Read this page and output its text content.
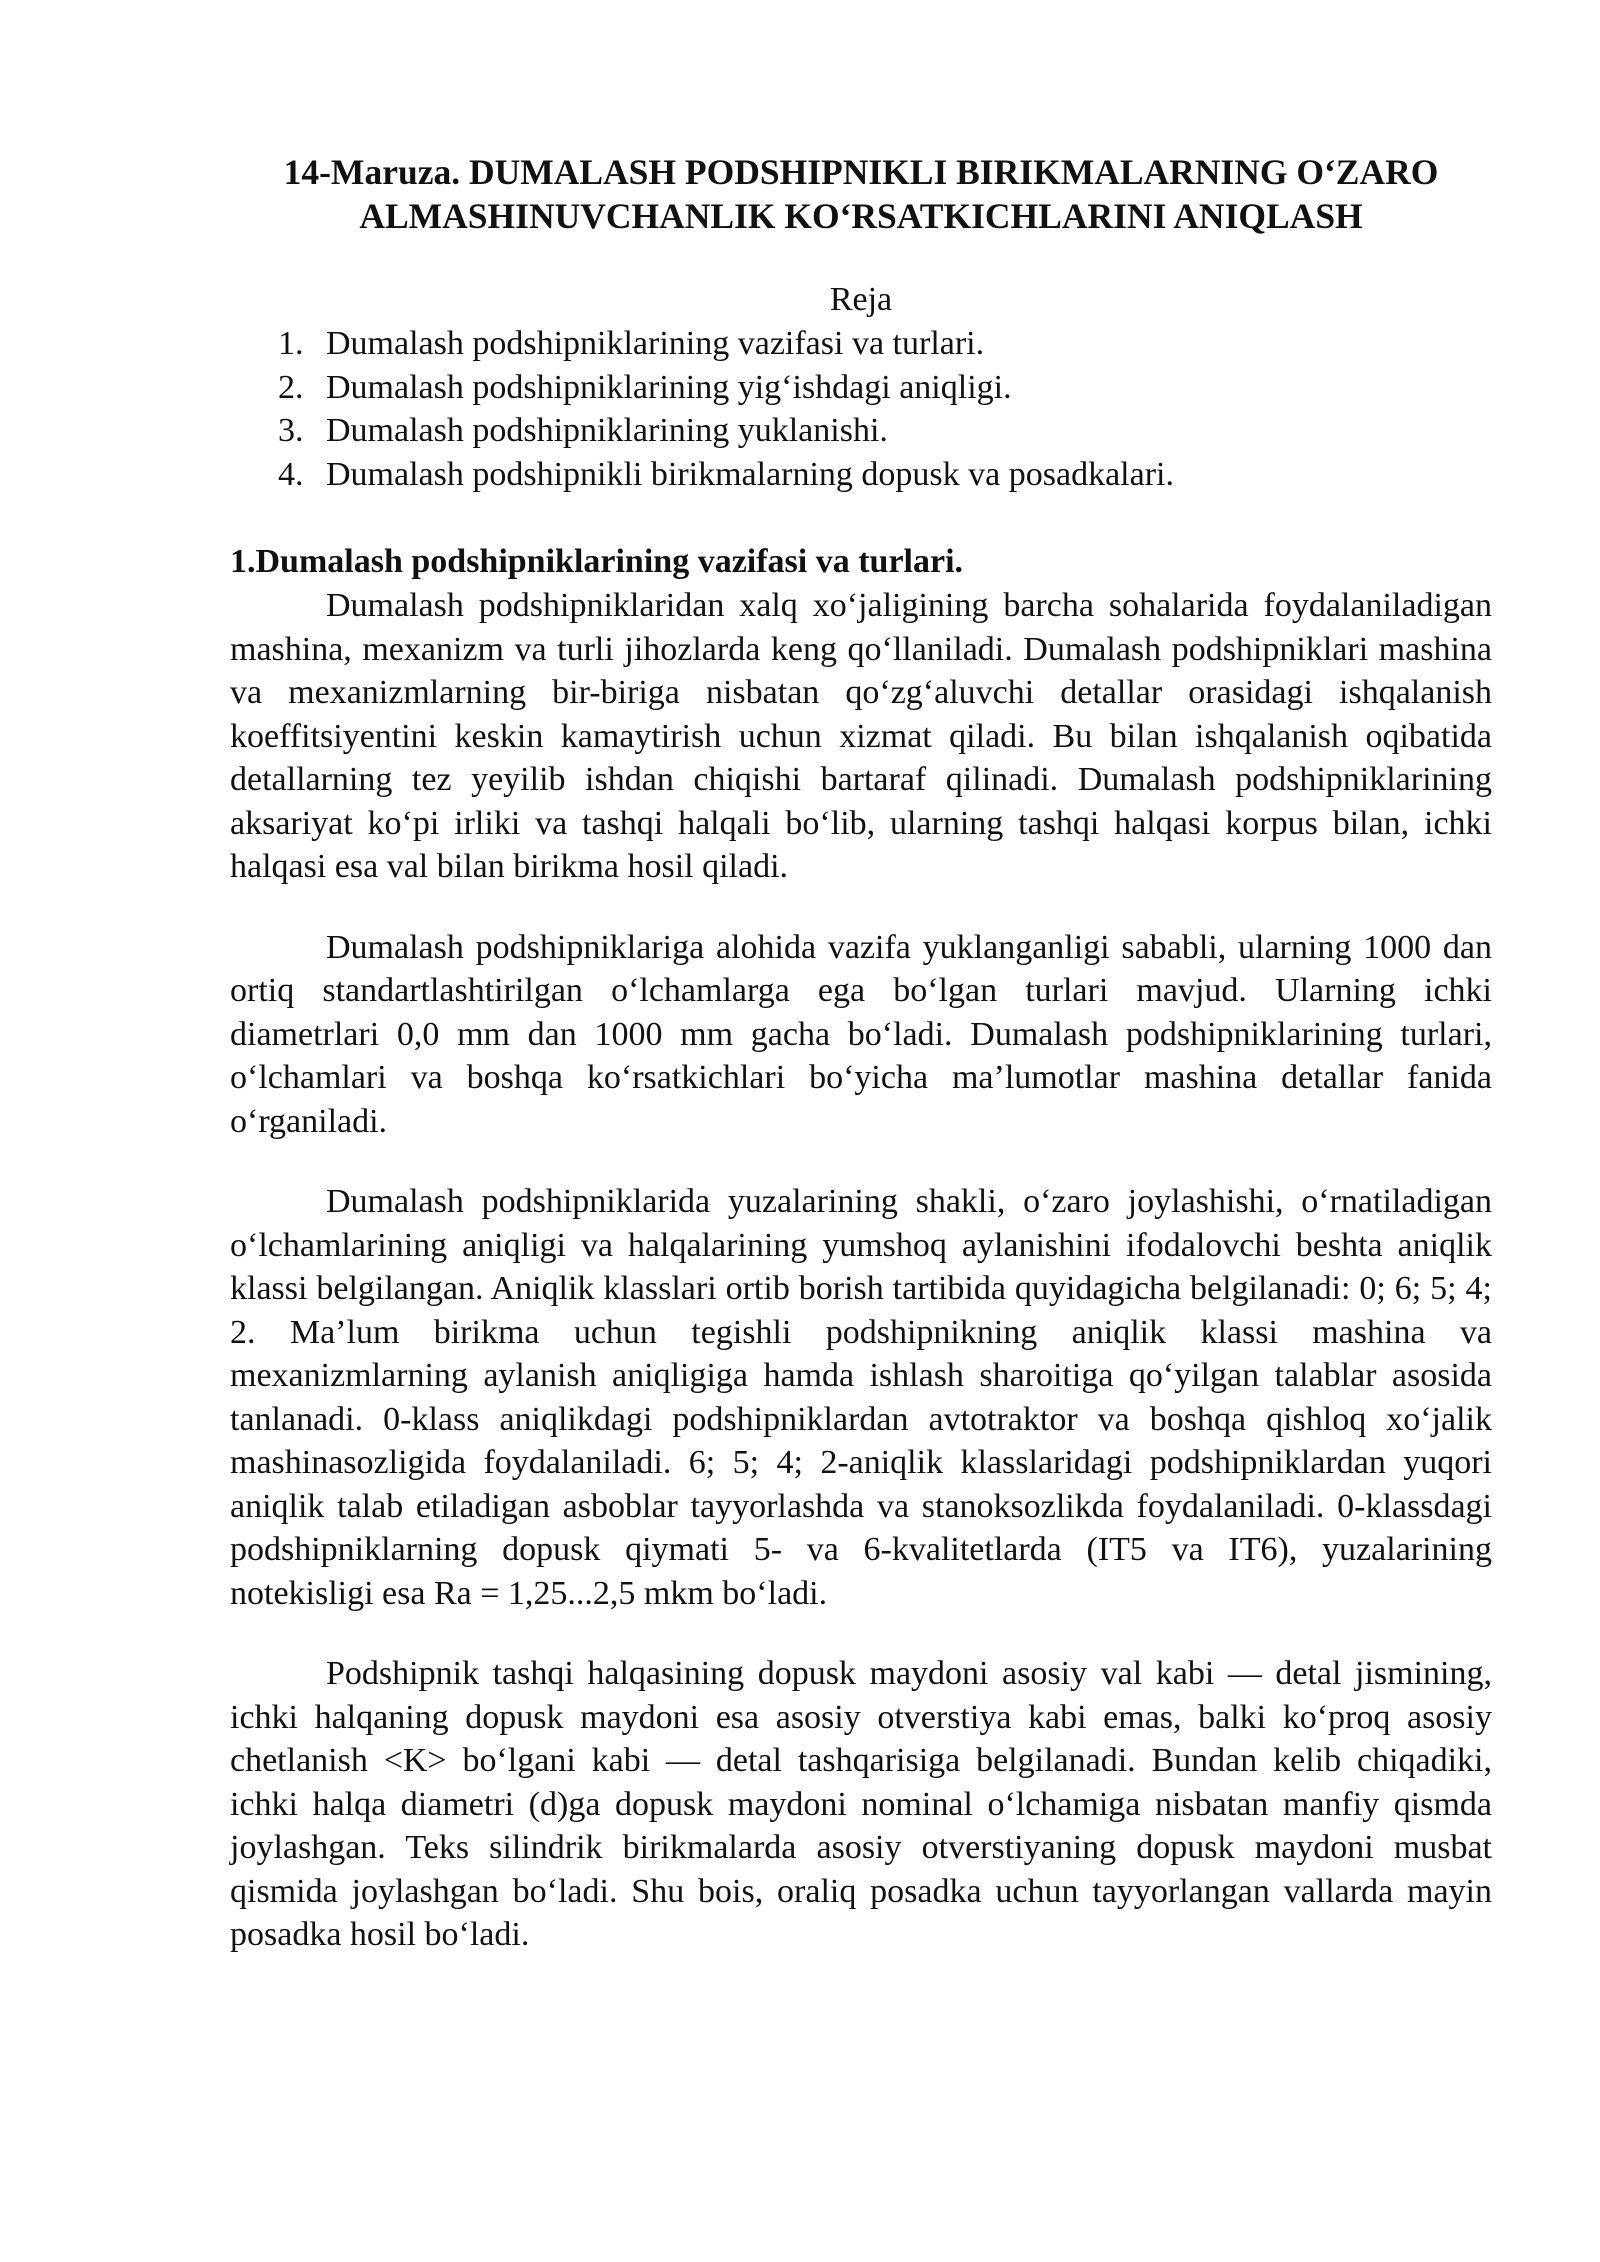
14-Maruza. DUMALASH PODSHIPNIKLI BIRIKMALARNING O‘ZARO
ALMASHINUVCHANLIK KO‘RSATKICHLARINI ANIQLASH
Reja
1. Dumalash podshipniklarining vazifasi va turlari.
2. Dumalash podshipniklarining yig‘ishdagi aniqligi.
3. Dumalash podshipniklarining yuklanishi.
4. Dumalash podshipnikli birikmalarning dopusk va posadkalari.
1.Dumalash podshipniklarining vazifasi va turlari.

Dumalash podshipniklaridan xalq xo‘jaligining barcha sohalarida foydalaniladigan mashina, mexanizm va turli jihozlarda keng qo‘llaniladi. Dumalash podshipniklari mashina va mexanizmlarning bir-biriga nisbatan qo‘zg‘aluvchi detallar orasidagi ishqalanish koeffitsiyentini keskin kamaytirish uchun xizmat qiladi. Bu bilan ishqalanish oqibatida detallarning tez yeyilib ishdan chiqishi bartaraf qilinadi. Dumalash podshipniklarining aksariyat ko‘pi irliki va tashqi halqali bo‘lib, ularning tashqi halqasi korpus bilan, ichki halqasi esa val bilan birikma hosil qiladi.

Dumalash podshipniklariga alohida vazifa yuklanganligi sababli, ularning 1000 dan ortiq standartlashtirilgan o‘lchamlarga ega bo‘lgan turlari mavjud. Ularning ichki diametrlari 0,0 mm dan 1000 mm gacha bo‘ladi. Dumalash podshipniklarining turlari, o‘lchamlari va boshqa ko‘rsatkichlari bo‘yicha ma’lumotlar mashina detallar fanida o‘rganiladi.

Dumalash podshipniklarida yuzalarining shakli, o‘zaro joylashishi, o‘rnatiladigan o‘lchamlarining aniqligi va halqalarining yumshoq aylanishini ifodalovchi beshta aniqlik klassi belgilangan. Aniqlik klasslari ortib borish tartibida quyidagicha belgilanadi: 0; 6; 5; 4; 2. Ma’lum birikma uchun tegishli podshipnikning aniqlik klassi mashina va mexanizmlarning aylanish aniqligiga hamda ishlash sharoitiga qo‘yilgan talablar asosida tanlanadi. 0-klass aniqlikdagi podshipniklardan avtotraktor va boshqa qishloq xo‘jalik mashinasozligida foydalaniladi. 6; 5; 4; 2-aniqlik klasslaridagi podshipniklardan yuqori aniqlik talab etiladigan asboblar tayyorlashda va stanoksozlikda foydalaniladi. 0-klassdagi podshipniklarning dopusk qiymati 5- va 6-kvalitetlarda (IT5 va IT6), yuzalarining notekisligi esa Ra = 1,25...2,5 mkm bo‘ladi.

Podshipnik tashqi halqasining dopusk maydoni asosiy val kabi — detal jismining, ichki halqaning dopusk maydoni esa asosiy otverstiya kabi emas, balki ko‘proq asosiy chetlanish <K> bo‘lgani kabi — detal tashqarisiga belgilanadi. Bundan kelib chiqadiki, ichki halqa diametri (d)ga dopusk maydoni nominal o‘lchamiga nisbatan manfiy qismda joylashgan. Teks silindrik birikmalarda asosiy otverstiyaning dopusk maydoni musbat qismida joylashgan bo‘ladi. Shu bois, oraliq posadka uchun tayyorlangan vallarda mayin posadka hosil bo‘ladi.
